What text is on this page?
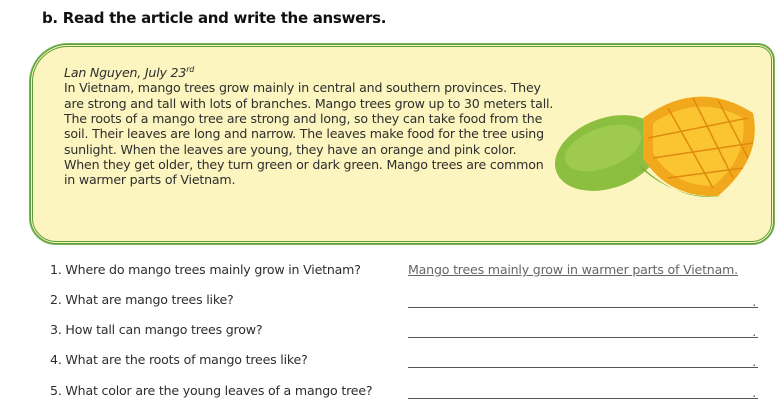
b. Read the article and write the answers.
Lan Nguyen, July 23rd
In Vietnam, mango trees grow mainly in central and southern provinces. They are strong and tall with lots of branches. Mango trees grow up to 30 meters tall. The roots of a mango tree are strong and long, so they can take food from the soil. Their leaves are long and narrow. The leaves make food for the tree using sunlight. When the leaves are young, they have an orange and pink color. When they get older, they turn green or dark green. Mango trees are common in warmer parts of Vietnam.
1. Where do mango trees mainly grow in Vietnam?	Mango trees mainly grow in warmer parts of Vietnam.
2. What are mango trees like?
.
3. How tall can mango trees grow?
.
4. What are the roots of mango trees like?
.
5. What color are the young leaves of a mango tree?
.
